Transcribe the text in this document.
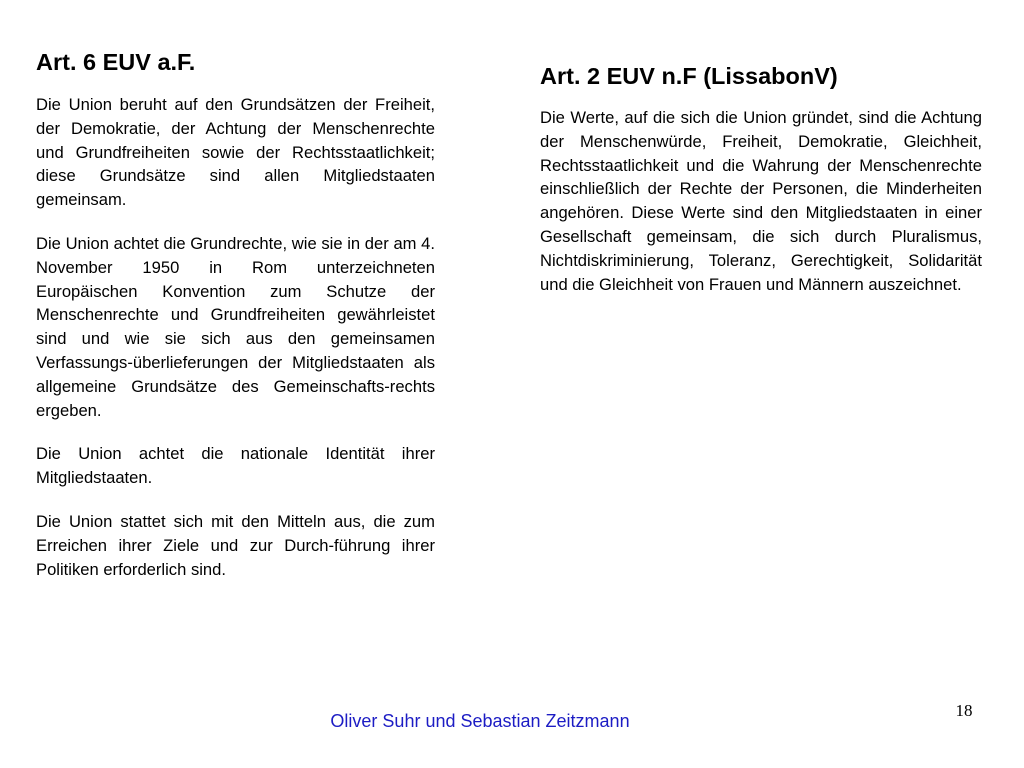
Art. 6 EUV a.F.

Die Union beruht auf den Grundsätzen der Freiheit, der Demokratie, der Achtung der Menschenrechte und Grundfreiheiten sowie der Rechtsstaatlichkeit; diese Grundsätze sind allen Mitgliedstaaten gemeinsam.

Die Union achtet die Grundrechte, wie sie in der am 4. November 1950 in Rom unterzeichneten Europäischen Konvention zum Schutze der Menschenrechte und Grundfreiheiten gewährleistet sind und wie sie sich aus den gemeinsamen Verfassungs-überlieferungen der Mitgliedstaaten als allgemeine Grundsätze des Gemeinschafts-rechts ergeben.

Die Union achtet die nationale Identität ihrer Mitgliedstaaten.

Die Union stattet sich mit den Mitteln aus, die zum Erreichen ihrer Ziele und zur Durch-führung ihrer Politiken erforderlich sind.

Art. 2 EUV n.F (LissabonV)

Die Werte, auf die sich die Union gründet, sind die Achtung der Menschenwürde, Freiheit, Demokratie, Gleichheit, Rechtsstaatlichkeit und die Wahrung der Menschenrechte einschließlich der Rechte der Personen, die Minderheiten angehören. Diese Werte sind den Mitgliedstaaten in einer Gesellschaft gemeinsam, die sich durch Pluralismus, Nichtdiskriminierung, Toleranz, Gerechtigkeit, Solidarität und die Gleichheit von Frauen und Männern auszeichnet.

Oliver Suhr und Sebastian Zeitzmann
18
